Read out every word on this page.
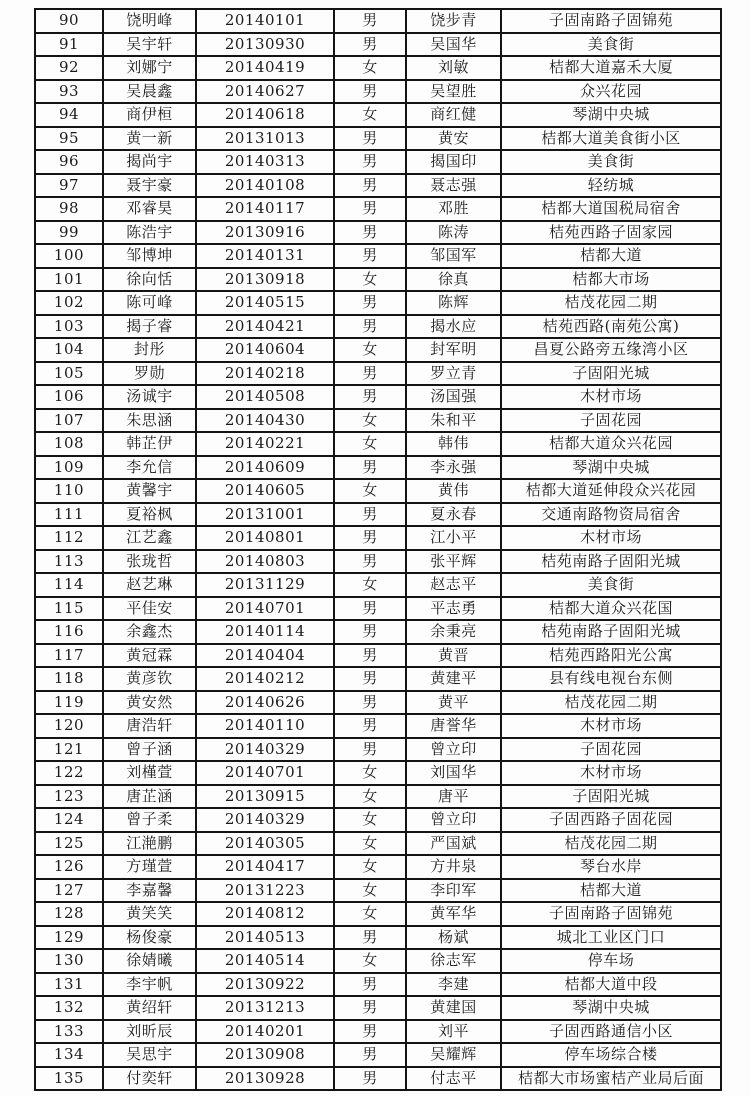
90	饶明峰	20140101	男	饶步青	子固南路子固锦苑
91	吴宇轩	20130930	男	吴国华	美食街
92	刘娜宁	20140419	女	刘敏	桔都大道嘉禾大厦
93	吴晨鑫	20140627	男	吴望胜	众兴花园
94	商伊桓	20140618	女	商红健	琴湖中央城
95	黄一新	20131013	男	黄安	桔都大道美食街小区
96	揭尚宇	20140313	男	揭国印	美食街
97	聂宇豪	20140108	男	聂志强	轻纺城
98	邓睿昊	20140117	男	邓胜	桔都大道国税局宿舍
99	陈浩宇	20130916	男	陈涛	桔苑西路子固家园
100	邹博坤	20140131	男	邹国军	桔都大道
101	徐向恬	20130918	女	徐真	桔都大市场
102	陈可峰	20140515	男	陈辉	桔茂花园二期
103	揭子睿	20140421	男	揭水应	桔苑西路(南苑公寓)
104	封彤	20140604	女	封军明	昌夏公路旁五缘湾小区
105	罗勋	20140218	男	罗立青	子固阳光城
106	汤诚宇	20140508	男	汤国强	木材市场
107	朱思涵	20140430	女	朱和平	子固花园
108	韩芷伊	20140221	女	韩伟	桔都大道众兴花园
109	李允信	20140609	男	李永强	琴湖中央城
110	黄馨宇	20140605	女	黄伟	桔都大道延伸段众兴花园
111	夏裕枫	20131001	男	夏永春	交通南路物资局宿舍
112	江艺鑫	20140801	男	江小平	木材市场
113	张珑哲	20140803	男	张平辉	桔苑南路子固阳光城
114	赵艺琳	20131129	女	赵志平	美食街
115	平佳安	20140701	男	平志勇	桔都大道众兴花国
116	余鑫杰	20140114	男	余秉亮	桔苑南路子固阳光城
117	黄冠霖	20140404	男	黄晋	桔苑西路阳光公寓
118	黄彦钦	20140212	男	黄建平	县有线电视台东侧
119	黄安然	20140626	男	黄平	桔茂花园二期
120	唐浩轩	20140110	男	唐誉华	木材市场
121	曾子涵	20140329	男	曾立印	子固花园
122	刘槿萱	20140701	女	刘国华	木材市场
123	唐芷涵	20130915	女	唐平	子固阳光城
124	曾子柔	20140329	女	曾立印	子固西路子固花园
125	江滟鹏	20140305	女	严国斌	桔茂花园二期
126	方瑾萱	20140417	女	方井泉	琴台水岸
127	李嘉馨	20131223	女	李印军	桔都大道
128	黄笑笑	20140812	女	黄军华	子固南路子固锦苑
129	杨俊豪	20140513	男	杨斌	城北工业区门口
130	徐婧曦	20140514	女	徐志军	停车场
131	李宇帆	20130922	男	李建	桔都大道中段
132	黄绍轩	20131213	男	黄建国	琴湖中央城
133	刘昕辰	20140201	男	刘平	子固西路通信小区
134	吴思宇	20130908	男	吴耀辉	停车场综合楼
135	付奕轩	20130928	男	付志平	桔都大市场蜜桔产业局后面
